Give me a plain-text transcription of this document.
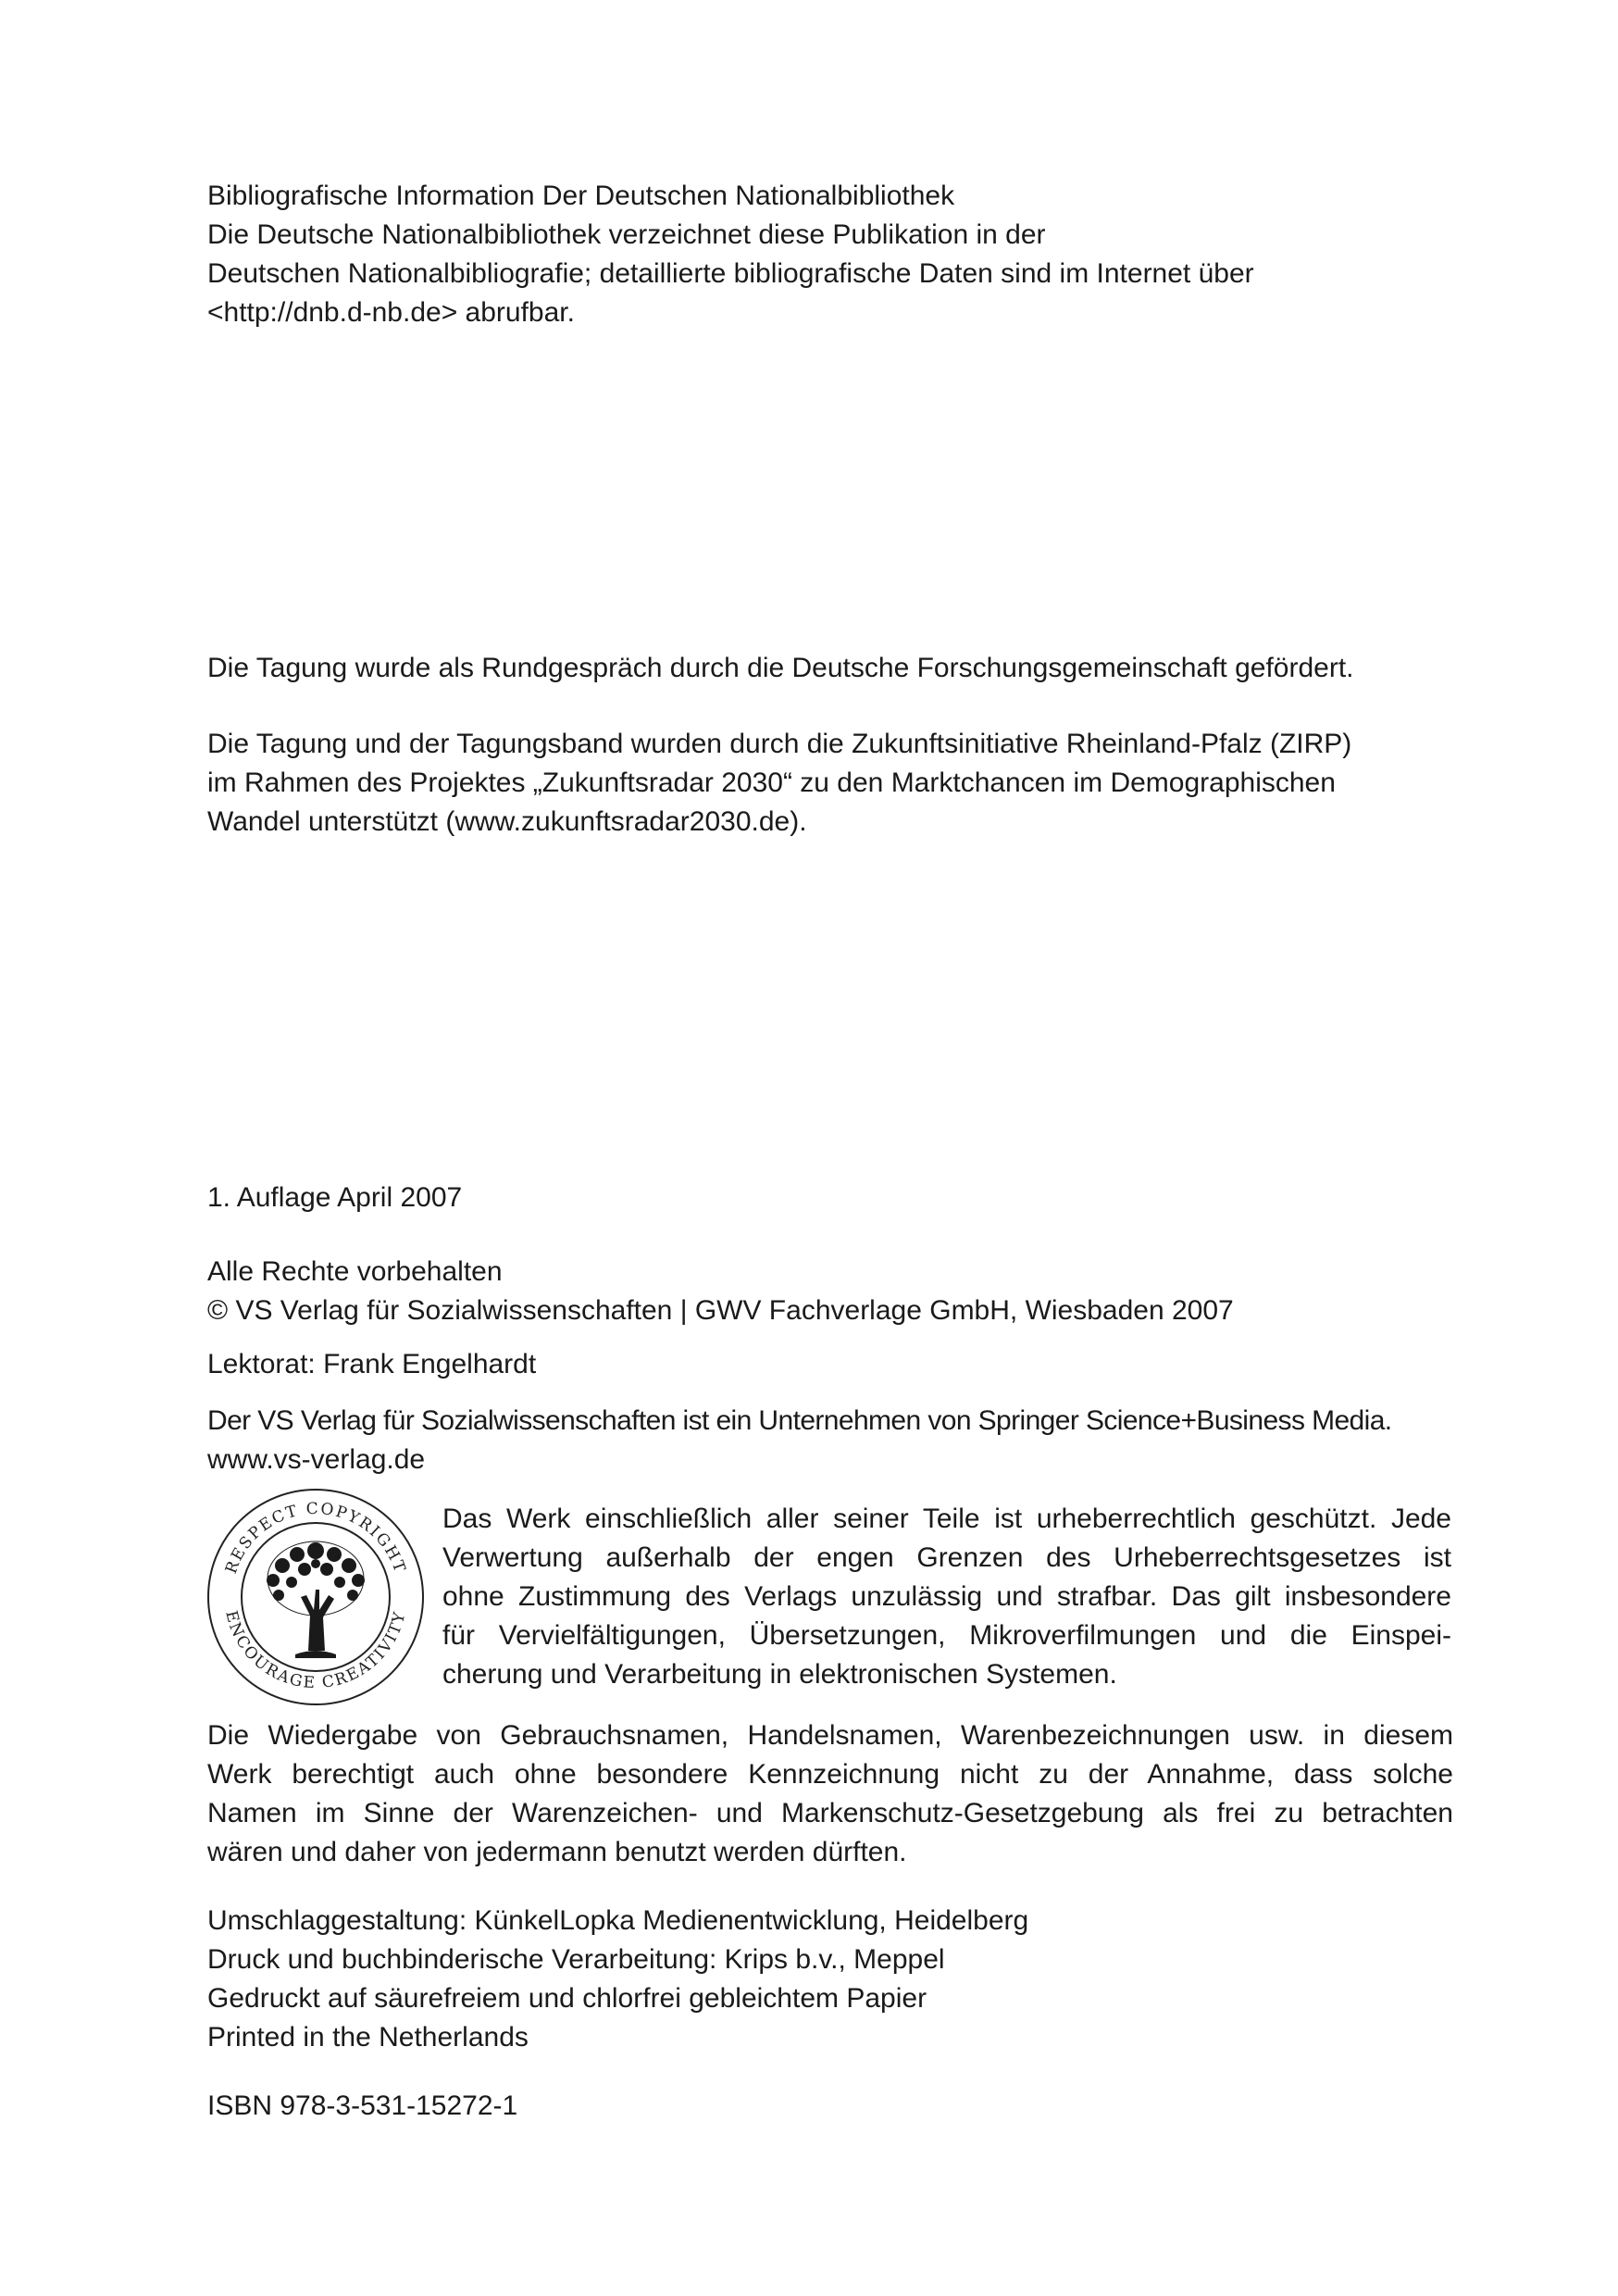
Bibliografische Information Der Deutschen Nationalbibliothek
Die Deutsche Nationalbibliothek verzeichnet diese Publikation in der
Deutschen Nationalbibliografie; detaillierte bibliografische Daten sind im Internet über
<http://dnb.d-nb.de> abrufbar.
Die Tagung wurde als Rundgespräch durch die Deutsche Forschungsgemeinschaft gefördert.
Die Tagung und der Tagungsband wurden durch die Zukunftsinitiative Rheinland-Pfalz (ZIRP)
im Rahmen des Projektes „Zukunftsradar 2030“ zu den Marktchancen im Demographischen
Wandel unterstützt (www.zukunftsradar2030.de).
1. Auflage April 2007
Alle Rechte vorbehalten
© VS Verlag für Sozialwissenschaften | GWV Fachverlage GmbH, Wiesbaden 2007
Lektorat: Frank Engelhardt
Der VS Verlag für Sozialwissenschaften ist ein Unternehmen von Springer Science+Business Media.
www.vs-verlag.de
RESPECT COPYRIGHT
ENCOURAGE CREATIVITY
Das Werk einschließlich aller seiner Teile ist urheberrechtlich geschützt. Jede
Verwertung außerhalb der engen Grenzen des Urheberrechtsgesetzes ist
ohne Zustimmung des Verlags unzulässig und strafbar. Das gilt insbesondere
für Vervielfältigungen, Übersetzungen, Mikroverfilmungen und die Einspei-
cherung und Verarbeitung in elektronischen Systemen.
Die Wiedergabe von Gebrauchsnamen, Handelsnamen, Warenbezeichnungen usw. in diesem
Werk berechtigt auch ohne besondere Kennzeichnung nicht zu der Annahme, dass solche
Namen im Sinne der Warenzeichen- und Markenschutz-Gesetzgebung als frei zu betrachten
wären und daher von jedermann benutzt werden dürften.
Umschlaggestaltung: KünkelLopka Medienentwicklung, Heidelberg
Druck und buchbinderische Verarbeitung: Krips b.v., Meppel
Gedruckt auf säurefreiem und chlorfrei gebleichtem Papier
Printed in the Netherlands
ISBN 978-3-531-15272-1
